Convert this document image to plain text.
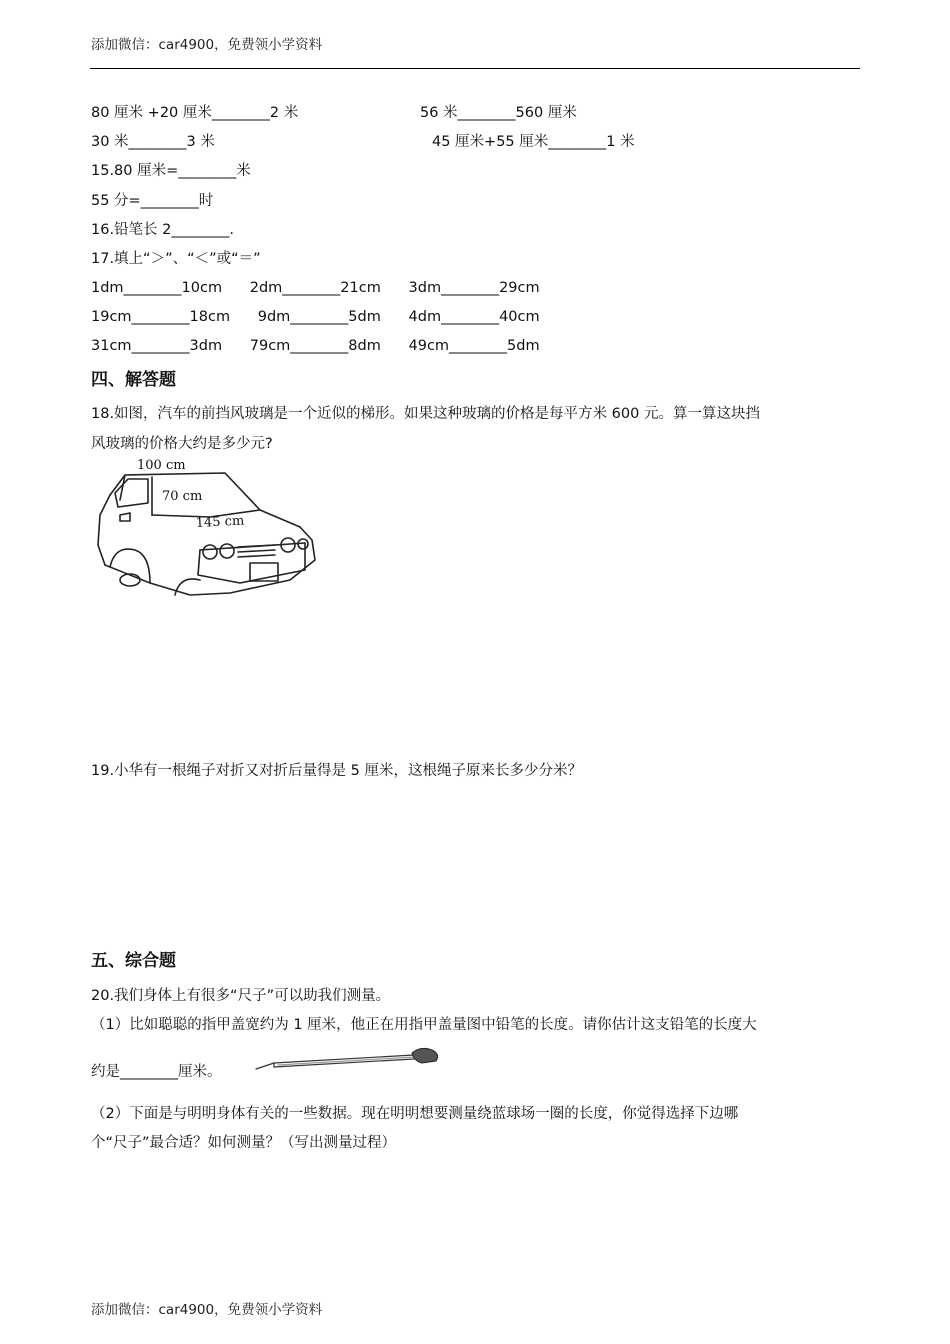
添加微信：car4900，免费领小学资料
80 厘米 +20 厘米________2 米	56 米________560 厘米
30 米________3 米	45 厘米+55 厘米________1 米
15.80 厘米=________米
55 分=________时
16.铅笔长 2________.
17.填上“＞”、“＜”或“＝”
1dm________10cm      2dm________21cm      3dm________29cm
19cm________18cm      9dm________5dm      4dm________40cm
31cm________3dm      79cm________8dm      49cm________5dm
四、解答题
18.如图，汽车的前挡风玻璃是一个近似的梯形。如果这种玻璃的价格是每平方米 600 元。算一算这块挡
风玻璃的价格大约是多少元?
100 cm
70 cm
145 cm
19.小华有一根绳子对折又对折后量得是 5 厘米，这根绳子原来长多少分米？
五、综合题
20.我们身体上有很多“尺子”可以助我们测量。
（1）比如聪聪的指甲盖宽约为 1 厘米，他正在用指甲盖量图中铅笔的长度。请你估计这支铅笔的长度大
约是________厘米。
（2）下面是与明明身体有关的一些数据。现在明明想要测量绕蓝球场一圈的长度，你觉得选择下边哪
个“尺子”最合适？如何测量？（写出测量过程）
添加微信：car4900，免费领小学资料
